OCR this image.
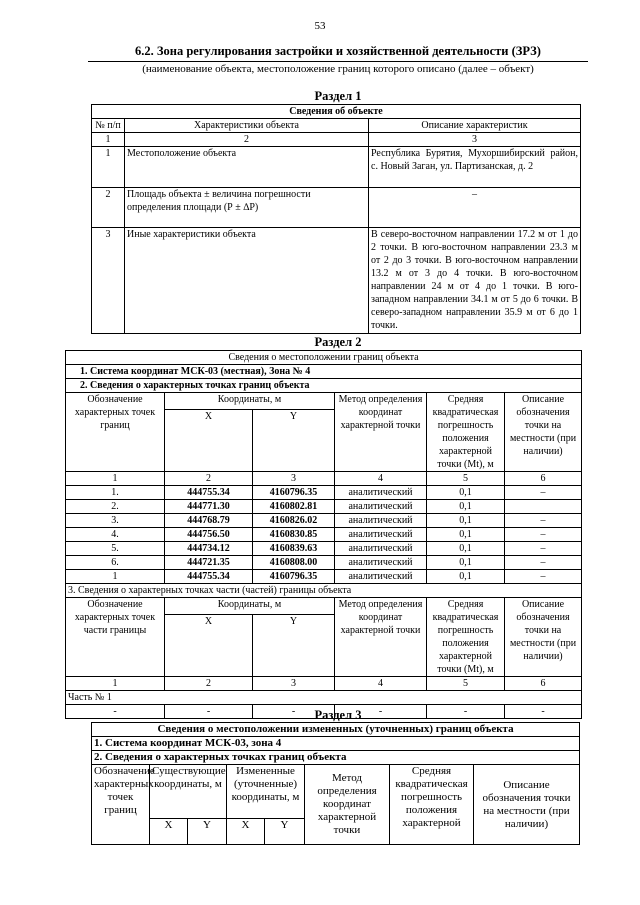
53
6.2. Зона регулирования застройки и хозяйственной деятельности (ЗРЗ)
(наименование объекта, местоположение границ которого описано (далее – объект)
Раздел 1
Сведения об объекте		
№ п/п	Характеристики объекта	Описание характеристик
1	2	3
1	Местоположение объекта	Республика Бурятия, Мухоршибирский район, с. Новый Заган, ул. Партизанская, д. 2
2	Площадь объекта ± величина погрешности определения площади (Р ± ∆Р)	–
3	Иные характеристики объекта	В северо-восточном направлении 17.2 м от 1 до 2 точки. В юго-восточном направлении 23.3 м от 2 до 3 точки. В юго-восточном направлении 13.2 м от 3 до 4 точки. В юго-восточном направлении 24 м от 4 до 1 точки. В юго-западном направлении 34.1 м от 5 до 6 точки. В северо-западном направлении 35.9 м от 6 до 1 точки.
Раздел 2
Сведения о местоположении границ объекта					
1. Система координат МСК-03 (местная), Зона № 4					
2. Сведения о характерных точках границ объекта					
Обозначение характерных точек границ	Координаты, м		Метод определения координат характерной точки	Средняя квадратическая погрешность положения характерной точки (Mt), м	Описание обозначения точки на местности (при наличии)
	X	Y			
1	2	3	4	5	6
1.	444755.34	4160796.35	аналитический	0,1	–
2.	444771.30	4160802.81	аналитический	0,1	
3.	444768.79	4160826.02	аналитический	0,1	–
4.	444756.50	4160830.85	аналитический	0,1	–
5.	444734.12	4160839.63	аналитический	0,1	–
6.	444721.35	4160808.00	аналитический	0,1	–
1	444755.34	4160796.35	аналитический	0,1	–
3. Сведения о характерных точках части (частей) границы объекта					
Обозначение характерных точек части границы	Координаты, м		Метод определения координат характерной точки	Средняя квадратическая погрешность положения характерной точки (Mt), м	Описание обозначения точки на местности (при наличии)
	X	Y			
1	2	3	4	5	6
Часть № 1					
-	-	-	-	-	-
Раздел 3
Сведения о местоположении измененных (уточненных) границ объекта							
1. Система координат МСК-03, зона 4							
2. Сведения о характерных точках границ объекта							
Обозначение характерных точек границ	Существующие координаты, м		Измененные (уточненные) координаты, м		Метод определения координат характерной точки	Средняя квадратическая погрешность положения характерной	Описание обозначения точки на местности (при наличии)
	X	Y	X	Y			
